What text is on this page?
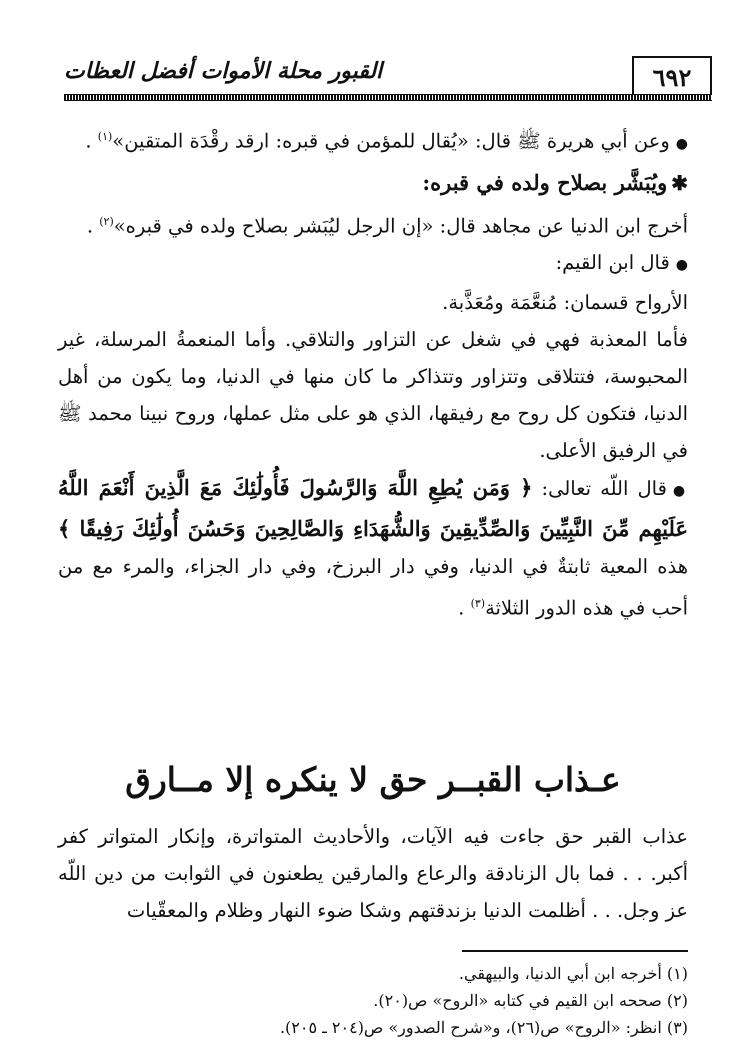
٦٩٢
القبور محلة الأموات أفضل العظات

●وعن أبي هريرة ﷺ قال: «يُقال للمؤمن في قبره: ارقد رقْدَة المتقين»$^{(١)}$ .

✱ويُبَشَّر بصلاح ولده في قبره:

أخرج ابن الدنيا عن مجاهد قال: «إن الرجل ليُبَشر بصلاح ولده في قبره»$^{(٢)}$ .

●قال ابن القيم:

الأرواح قسمان: مُنعَّمَة ومُعَذَّبة.

فأما المعذبة فهي في شغل عن التزاور والتلاقي. وأما المنعمةُ المرسلة، غير المحبوسة، فتتلاقى وتتزاور وتتذاكر ما كان منها في الدنيا، وما يكون من أهل الدنيا، فتكون كل روح مع رفيقها، الذي هو على مثل عملها، وروح نبينا محمد ﷺ في الرفيق الأعلى.

●قال اللّه تعالى: ﴿ وَمَن يُطِعِ اللَّهَ وَالرَّسُولَ فَأُولَٰئِكَ مَعَ الَّذِينَ أَنْعَمَ اللَّهُ عَلَيْهِم مِّنَ النَّبِيِّينَ وَالصِّدِّيقِينَ وَالشُّهَدَاءِ وَالصَّالِحِينَ وَحَسُنَ أُولَٰئِكَ رَفِيقًا ﴾ هذه المعية ثابتةٌ في الدنيا، وفي دار البرزخ، وفي دار الجزاء، والمرء مع من أحب في هذه الدور الثلاثة$^{(٣)}$ .

عـذاب القبــر حق لا ينكره إلا مــارق

عذاب القبر حق جاءت فيه الآيات، والأحاديث المتواترة، وإنكار المتواتر كفر أكبر. . . فما بال الزنادقة والرعاع والمارقين يطعنون في الثوابت من دين اللّه عز وجل. . . أظلمت الدنيا بزندقتهم وشكا ضوء النهار وظلام والمعقّيات

(١) أخرجه ابن أبي الدنيا، والبيهقي.

(٢) صححه ابن القيم في كتابه «الروح» ص(٢٠).

(٣) انظر: «الروح» ص(٢٦)، و«شرح الصدور» ص(٢٠٤ ـ ٢٠٥).
